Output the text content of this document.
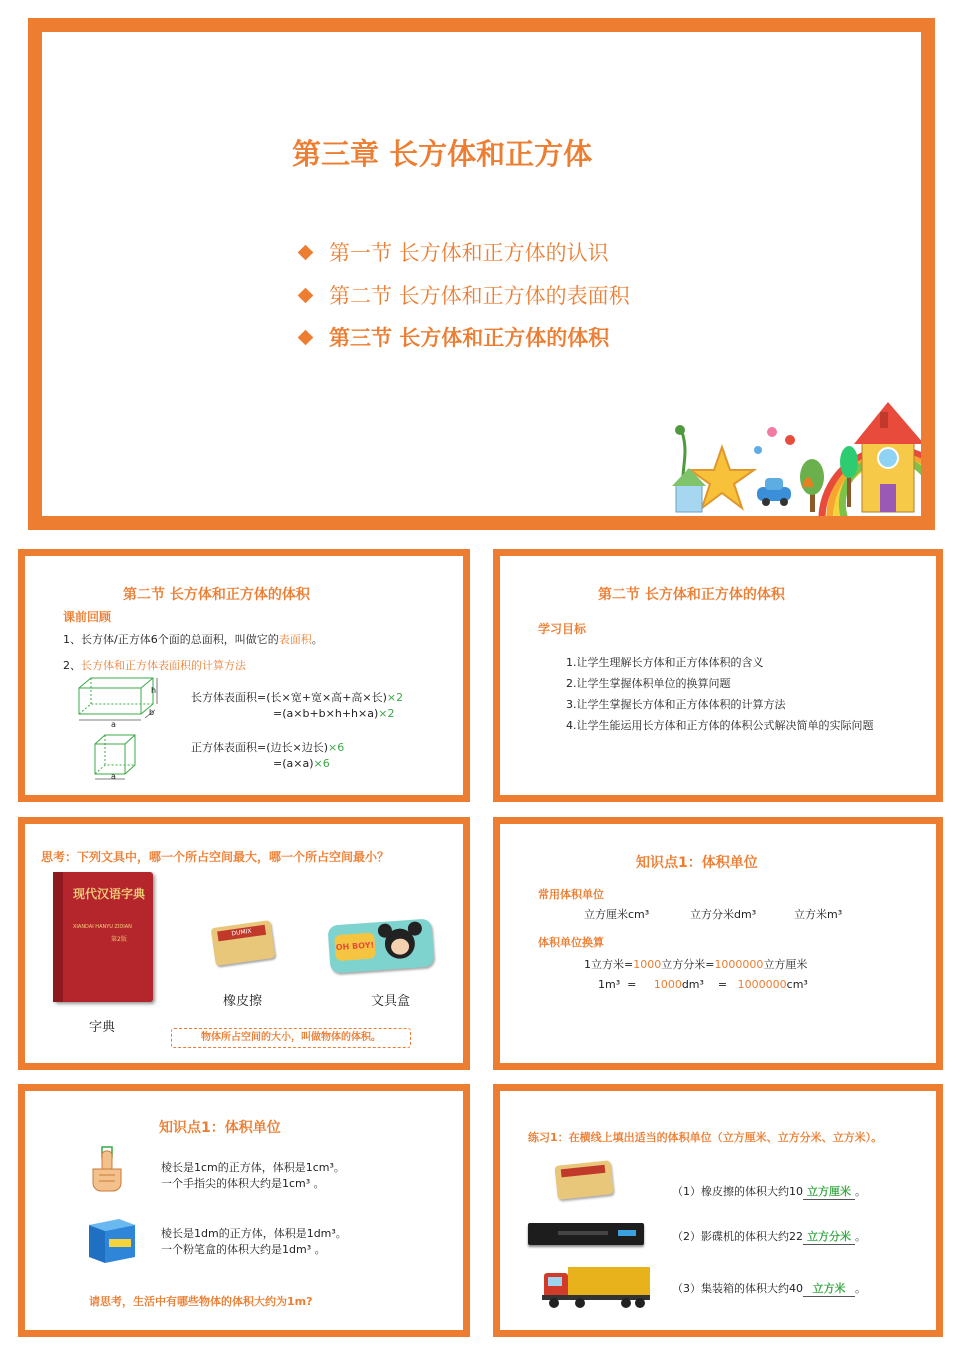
第三章 长方体和正方体
第一节 长方体和正方体的认识
第二节 长方体和正方体的表面积
第三节 长方体和正方体的体积
第二节 长方体和正方体的体积
课前回顾
1、长方体/正方体6个面的总面积，叫做它的表面积。
2、长方体和正方体表面积的计算方法
a
h
b
a
长方体表面积=(长×宽+宽×高+高×长)×2
=(a×b+b×h+h×a)×2
正方体表面积=(边长×边长)×6
=(a×a)×6
第二节 长方体和正方体的体积
学习目标
1.让学生理解长方体和正方体体积的含义
2.让学生掌握体积单位的换算问题
3.让学生掌握长方体和正方体体积的计算方法
4.让学生能运用长方体和正方体的体积公式解决简单的实际问题
思考：下列文具中，哪一个所占空间最大，哪一个所占空间最小？
现代汉语字典
XIANDAI HANYU ZIDIAN
第2版
字典
DUMIX
橡皮擦
OH BOY!
文具盒
物体所占空间的大小，叫做物体的体积。
知识点1：体积单位
常用体积单位
立方厘米cm³	立方分米dm³	立方米m³
体积单位换算
1立方米=1000立方分米=1000000立方厘米
1m³  =     1000dm³    =   1000000cm³
知识点1：体积单位
棱长是1cm的正方体，体积是1cm³。
一个手指尖的体积大约是1cm³ 。
棱长是1dm的正方体，体积是1dm³。
一个粉笔盒的体积大约是1dm³ 。
请思考，生活中有哪些物体的体积大约为1m?
练习1：在横线上填出适当的体积单位（立方厘米、立方分米、立方米）。
（1）橡皮擦的体积大约10 立方厘米 。
（2）影碟机的体积大约22 立方分米 。
（3）集装箱的体积大约40 立方米 。
